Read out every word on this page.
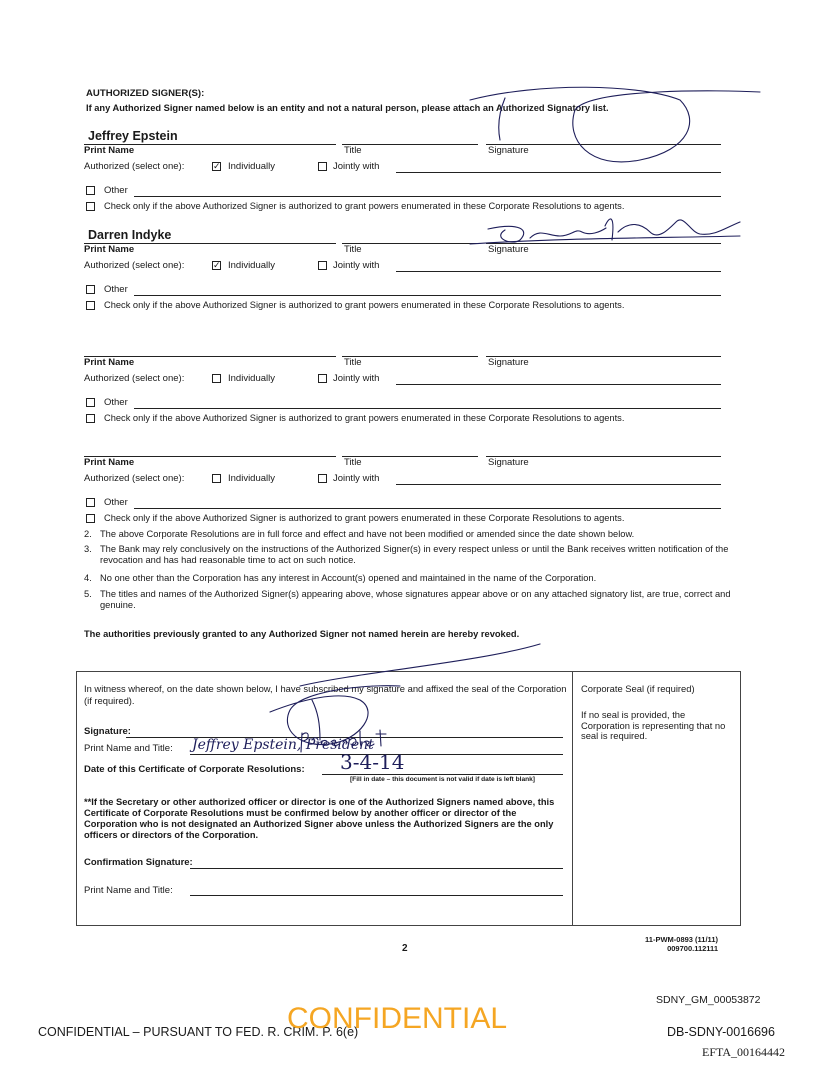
AUTHORIZED SIGNER(S):
If any Authorized Signer named below is an entity and not a natural person, please attach an Authorized Signatory list.
Jeffrey Epstein
Print Name	Title	Signature
Authorized (select one):	✓ Individually	Jointly with
Other
Check only if the above Authorized Signer is authorized to grant powers enumerated in these Corporate Resolutions to agents.
Darren Indyke
Print Name	Title	Signature
Authorized (select one):	✓ Individually	Jointly with
Other
Check only if the above Authorized Signer is authorized to grant powers enumerated in these Corporate Resolutions to agents.
Print Name	Title	Signature
Authorized (select one):	Individually	Jointly with
Other
Check only if the above Authorized Signer is authorized to grant powers enumerated in these Corporate Resolutions to agents.
Print Name	Title	Signature
Authorized (select one):	Individually	Jointly with
Other
Check only if the above Authorized Signer is authorized to grant powers enumerated in these Corporate Resolutions to agents.
2. The above Corporate Resolutions are in full force and effect and have not been modified or amended since the date shown below.
3. The Bank may rely conclusively on the instructions of the Authorized Signer(s) in every respect unless or until the Bank receives written notification of the revocation and has had reasonable time to act on such notice.
4. No one other than the Corporation has any interest in Account(s) opened and maintained in the name of the Corporation.
5. The titles and names of the Authorized Signer(s) appearing above, whose signatures appear above or on any attached signatory list, are true, correct and genuine.
The authorities previously granted to any Authorized Signer not named herein are hereby revoked.
In witness whereof, on the date shown below, I have subscribed my signature and affixed the seal of the Corporation (if required).
Signature:
Print Name and Title: Jeffrey Epstein, President
Date of this Certificate of Corporate Resolutions: 3-4-14
[Fill in date – this document is not valid if date is left blank]
**If the Secretary or other authorized officer or director is one of the Authorized Signers named above, this Certificate of Corporate Resolutions must be confirmed below by another officer or director of the Corporation who is not designated an Authorized Signer above unless the Authorized Signers are the only officers or directors of the Corporation.
Confirmation Signature:
Print Name and Title:
Corporate Seal (if required)
If no seal is provided, the Corporation is representing that no seal is required.
2
11-PWM-0893 (11/11)
009700.112111
SDNY_GM_00053872
CONFIDENTIAL – PURSUANT TO FED. R. CRIM. P. 6(e)
CONFIDENTIAL	DB-SDNY-0016696
EFTA_00164442
